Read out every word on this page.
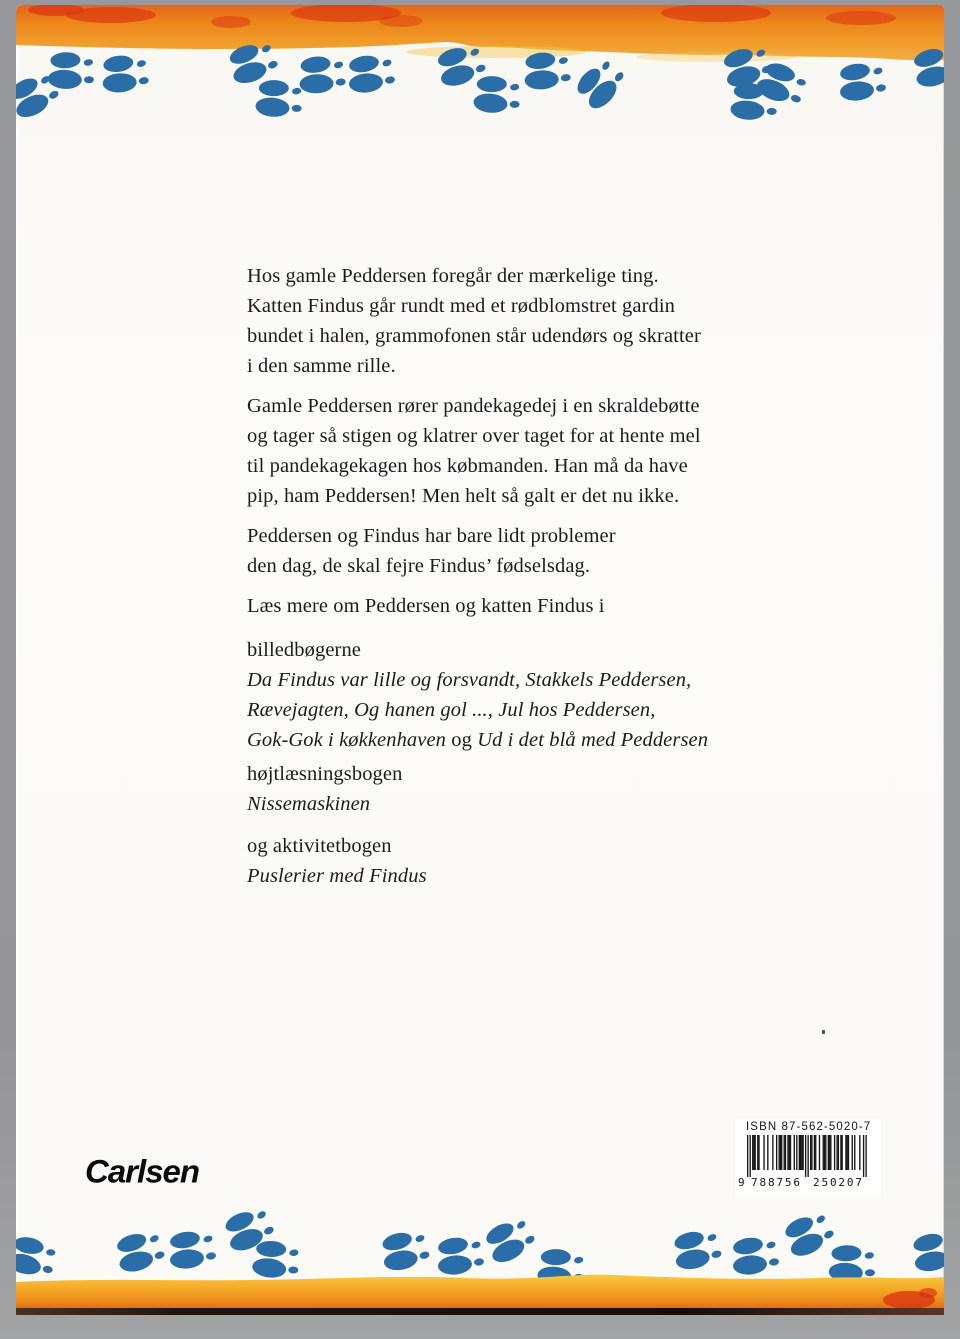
Hos gamle Peddersen foregår der mærkelige ting.
Katten Findus går rundt med et rødblomstret gardin
bundet i halen, grammofonen står udendørs og skratter
i den samme rille.
Gamle Peddersen rører pandekagedej i en skraldebøtte
og tager så stigen og klatrer over taget for at hente mel
til pandekagekagen hos købmanden. Han må da have
pip, ham Peddersen! Men helt så galt er det nu ikke.
Peddersen og Findus har bare lidt problemer
den dag, de skal fejre Findus’ fødselsdag.
Læs mere om Peddersen og katten Findus i
billedbøgerne
Da Findus var lille og forsvandt, Stakkels Peddersen,
Rævejagten, Og hanen gol ..., Jul hos Peddersen,
Gok-Gok i køkkenhaven og Ud i det blå med Peddersen
højtlæsningsbogen
Nissemaskinen
og aktivitetbogen
Puslerier med Findus
Carlsen
ISBN 87-562-5020-7
9 788756 250207
